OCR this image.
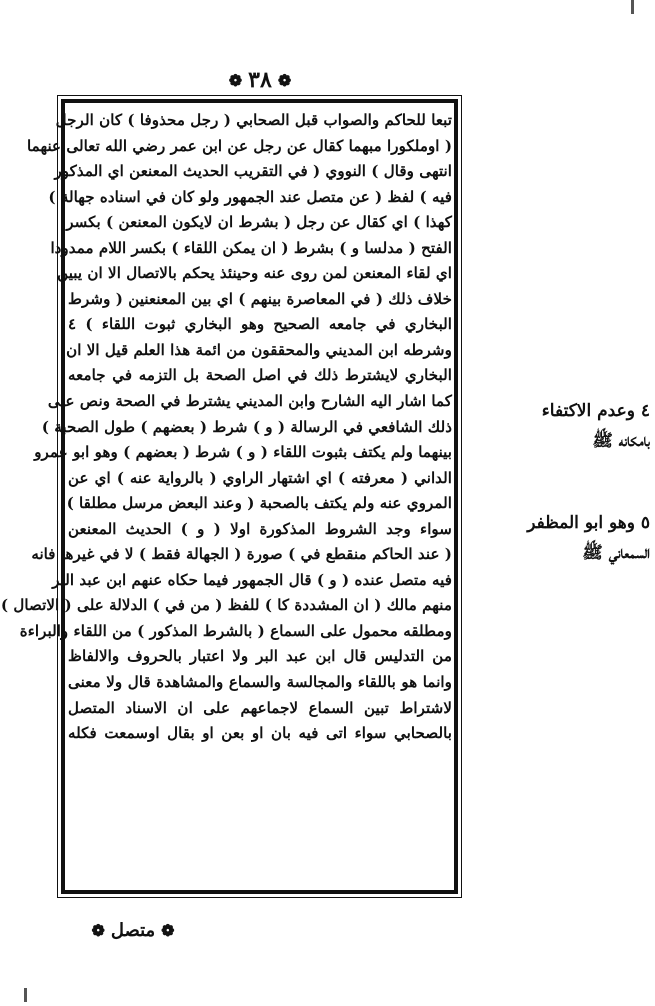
❁ ٣٨ ❁
تبعا للحاكم والصواب قبل الصحابي ( رجل محذوفا ) كان الرجل
( اوملكورا مبهما كقال عن رجل عن ابن عمر رضي الله تعالى عنهما
انتهى وقال ) النووي ( في التقريب الحديث المعنعن اي المذكور
فيه ) لفظ ( عن متصل عند الجمهور ولو كان في اسناده جهالة )
كهذا ) اي كقال عن رجل ( بشرط ان لايكون المعنعن ) بكسر
الفتح ( مدلسا و ) بشرط ( ان يمكن اللقاء ) بكسر اللام ممدودا
اي لقاء المعنعن لمن روى عنه وحينئذ يحكم بالاتصال الا ان يبين
خلاف ذلك ( في المعاصرة بينهم ) اي بين المعنعنين ( وشرط
البخاري في جامعه الصحيح وهو البخاري ثبوت اللقاء ) ٤
وشرطه ابن المديني والمحققون من ائمة هذا العلم قيل الا ان
البخاري لايشترط ذلك في اصل الصحة بل التزمه في جامعه
كما اشار اليه الشارح وابن المديني يشترط في الصحة ونص على
ذلك الشافعي في الرسالة ( و ) شرط ( بعضهم ) طول الصحبة )
بينهما ولم يكتف بثبوت اللقاء ( و ) شرط ( بعضهم ) وهو ابو عمرو
الداني ( معرفته ) اي اشتهار الراوي ( بالرواية عنه ) اي عن
المروي عنه ولم يكتف بالصحبة ( وعند البعض مرسل مطلقا )
سواء وجد الشروط المذكورة اولا ( و ) الحديث المعنعن
( عند الحاكم منقطع في ) صورة ( الجهالة فقط ) لا في غيرها فانه
فيه متصل عنده ( و ) قال الجمهور فيما حكاه عنهم ابن عبد البر
منهم مالك ( ان المشددة كا ) للفظ ( من في ) الدلالة على ( الاتصال )
ومطلقه محمول على السماع ( بالشرط المذكور ) من اللقاء والبراءة
من التدليس قال ابن عبد البر ولا اعتبار بالحروف والالفاظ
وانما هو باللقاء والمجالسة والسماع والمشاهدة قال ولا معنى
لاشتراط تبين السماع لاجماعهم على ان الاسناد المتصل
بالصحابي سواء اتى فيه بان او بعن او بقال اوسمعت فكله
٤ وعدم الاكتفاء
بامكانه ﷺ
٥ وهو ابو المظفر
السمعاني ﷺ
❁
متصل
❁
